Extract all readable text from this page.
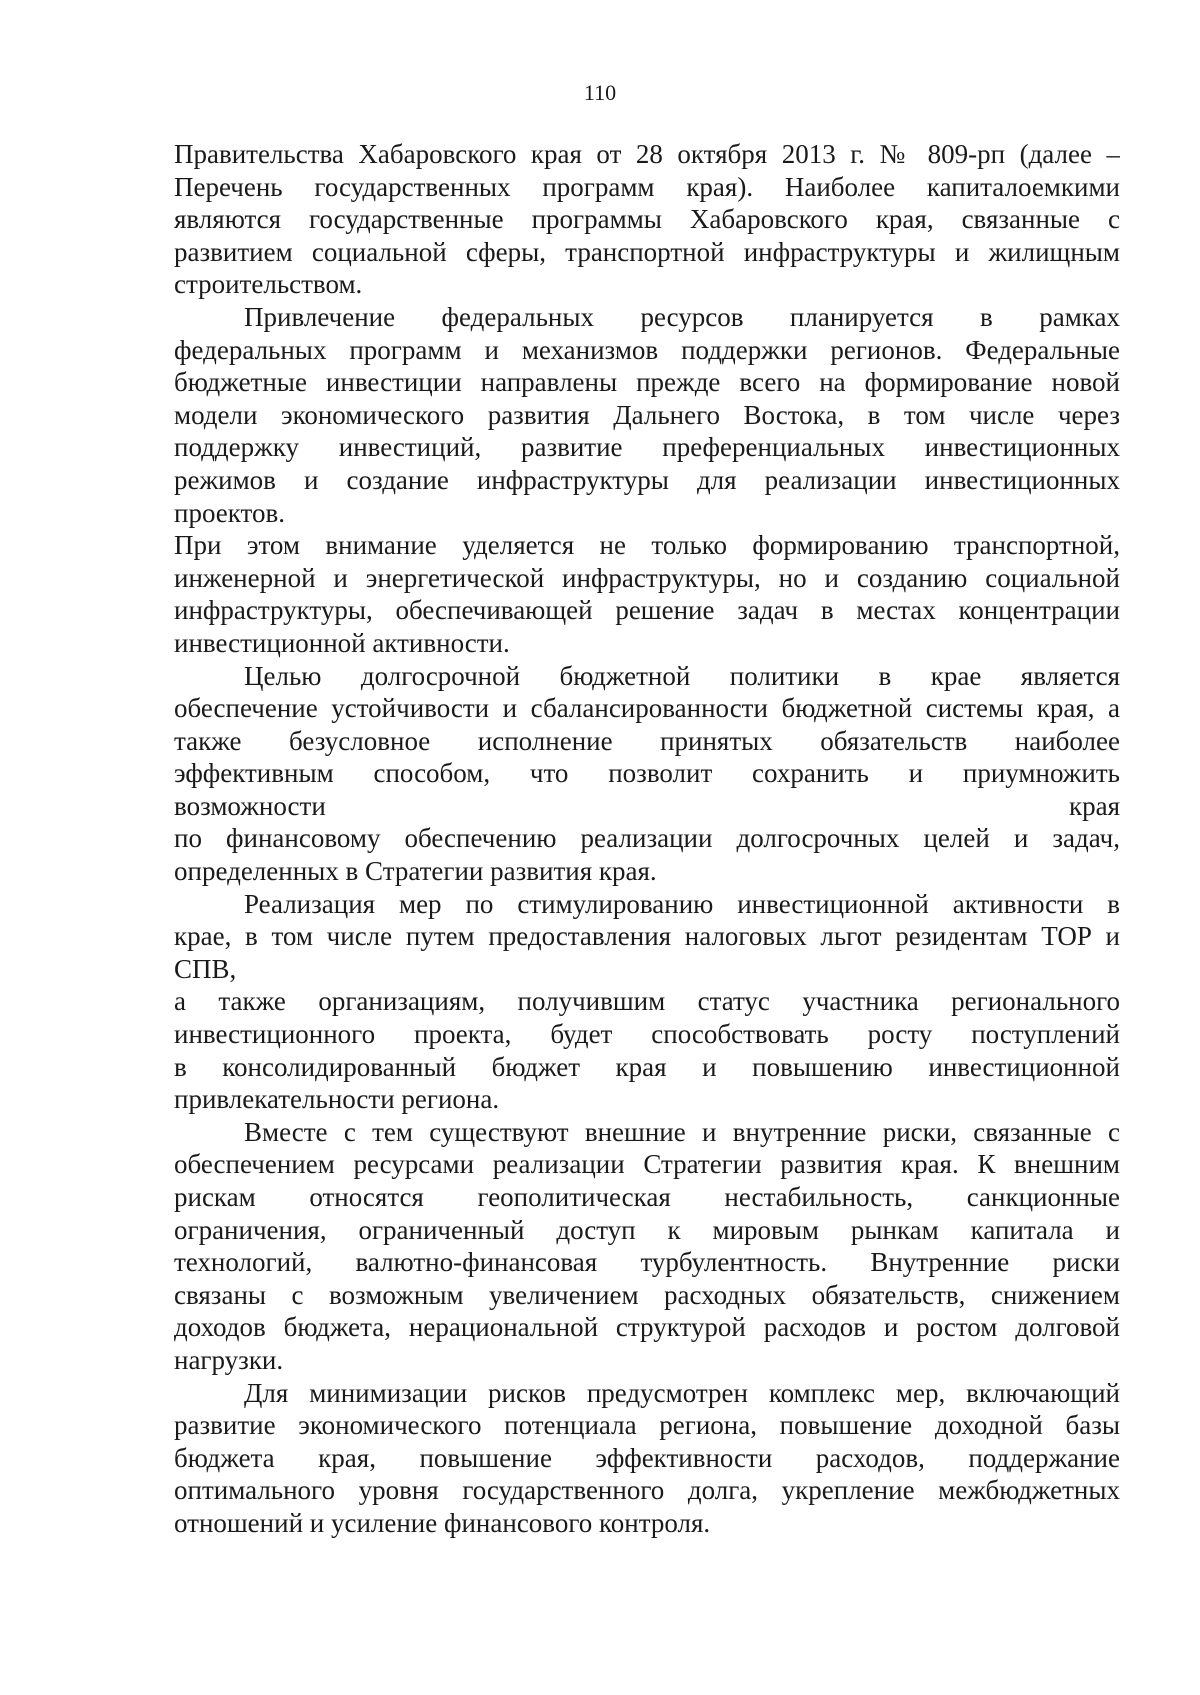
110
Правительства Хабаровского края от 28 октября 2013 г. № 809-рп (далее –
Перечень государственных программ края). Наиболее капиталоемкими
являются государственные программы Хабаровского края, связанные с
развитием социальной сферы, транспортной инфраструктуры и жилищным
строительством.
Привлечение федеральных ресурсов планируется в рамках
федеральных программ и механизмов поддержки регионов. Федеральные
бюджетные инвестиции направлены прежде всего на формирование новой
модели экономического развития Дальнего Востока, в том числе через
поддержку инвестиций, развитие преференциальных инвестиционных
режимов и создание инфраструктуры для реализации инвестиционных
проектов.
При этом внимание уделяется не только формированию транспортной,
инженерной и энергетической инфраструктуры, но и созданию социальной
инфраструктуры, обеспечивающей решение задач в местах концентрации
инвестиционной активности.
Целью долгосрочной бюджетной политики в крае является
обеспечение устойчивости и сбалансированности бюджетной системы края, а
также безусловное исполнение принятых обязательств наиболее
эффективным способом, что позволит сохранить и приумножить
возможности края
по финансовому обеспечению реализации долгосрочных целей и задач,
определенных в Стратегии развития края.
Реализация мер по стимулированию инвестиционной активности в
крае, в том числе путем предоставления налоговых льгот резидентам ТОР и
СПВ,
а также организациям, получившим статус участника регионального
инвестиционного проекта, будет способствовать росту поступлений
в консолидированный бюджет края и повышению инвестиционной
привлекательности региона.
Вместе с тем существуют внешние и внутренние риски, связанные с
обеспечением ресурсами реализации Стратегии развития края. К внешним
рискам относятся геополитическая нестабильность, санкционные
ограничения, ограниченный доступ к мировым рынкам капитала и
технологий, валютно-финансовая турбулентность. Внутренние риски
связаны с возможным увеличением расходных обязательств, снижением
доходов бюджета, нерациональной структурой расходов и ростом долговой
нагрузки.
Для минимизации рисков предусмотрен комплекс мер, включающий
развитие экономического потенциала региона, повышение доходной базы
бюджета края, повышение эффективности расходов, поддержание
оптимального уровня государственного долга, укрепление межбюджетных
отношений и усиление финансового контроля.
